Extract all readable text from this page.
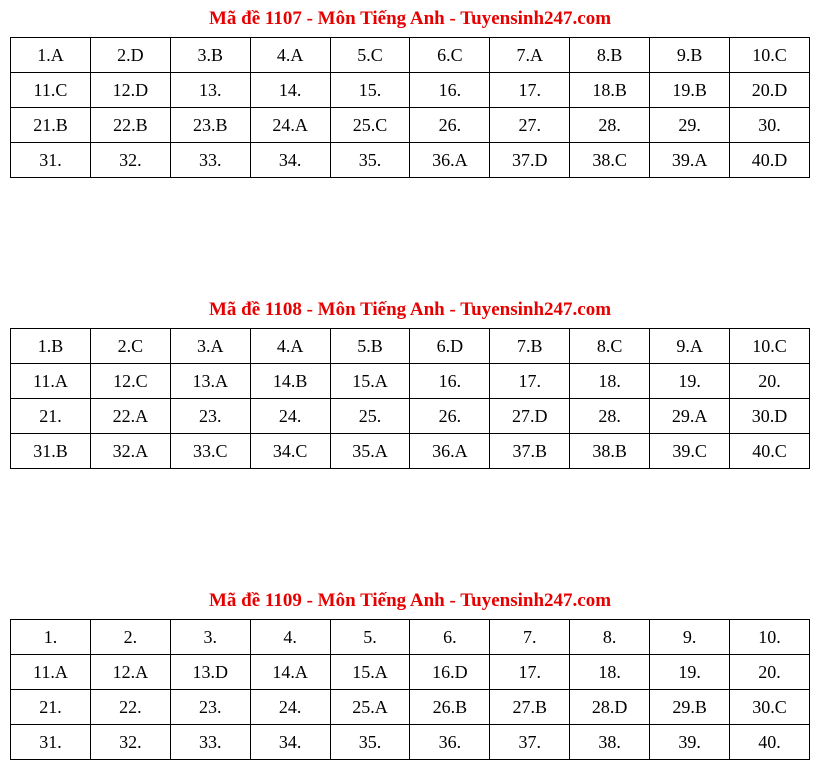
Mã đề 1107 - Môn Tiếng Anh - Tuyensinh247.com
1.A	2.D	3.B	4.A	5.C	6.C	7.A	8.B	9.B	10.C
11.C	12.D	13.	14.	15.	16.	17.	18.B	19.B	20.D
21.B	22.B	23.B	24.A	25.C	26.	27.	28.	29.	30.
31.	32.	33.	34.	35.	36.A	37.D	38.C	39.A	40.D
Mã đề 1108 - Môn Tiếng Anh - Tuyensinh247.com
1.B	2.C	3.A	4.A	5.B	6.D	7.B	8.C	9.A	10.C
11.A	12.C	13.A	14.B	15.A	16.	17.	18.	19.	20.
21.	22.A	23.	24.	25.	26.	27.D	28.	29.A	30.D
31.B	32.A	33.C	34.C	35.A	36.A	37.B	38.B	39.C	40.C
Mã đề 1109 - Môn Tiếng Anh - Tuyensinh247.com
1.	2.	3.	4.	5.	6.	7.	8.	9.	10.
11.A	12.A	13.D	14.A	15.A	16.D	17.	18.	19.	20.
21.	22.	23.	24.	25.A	26.B	27.B	28.D	29.B	30.C
31.	32.	33.	34.	35.	36.	37.	38.	39.	40.
